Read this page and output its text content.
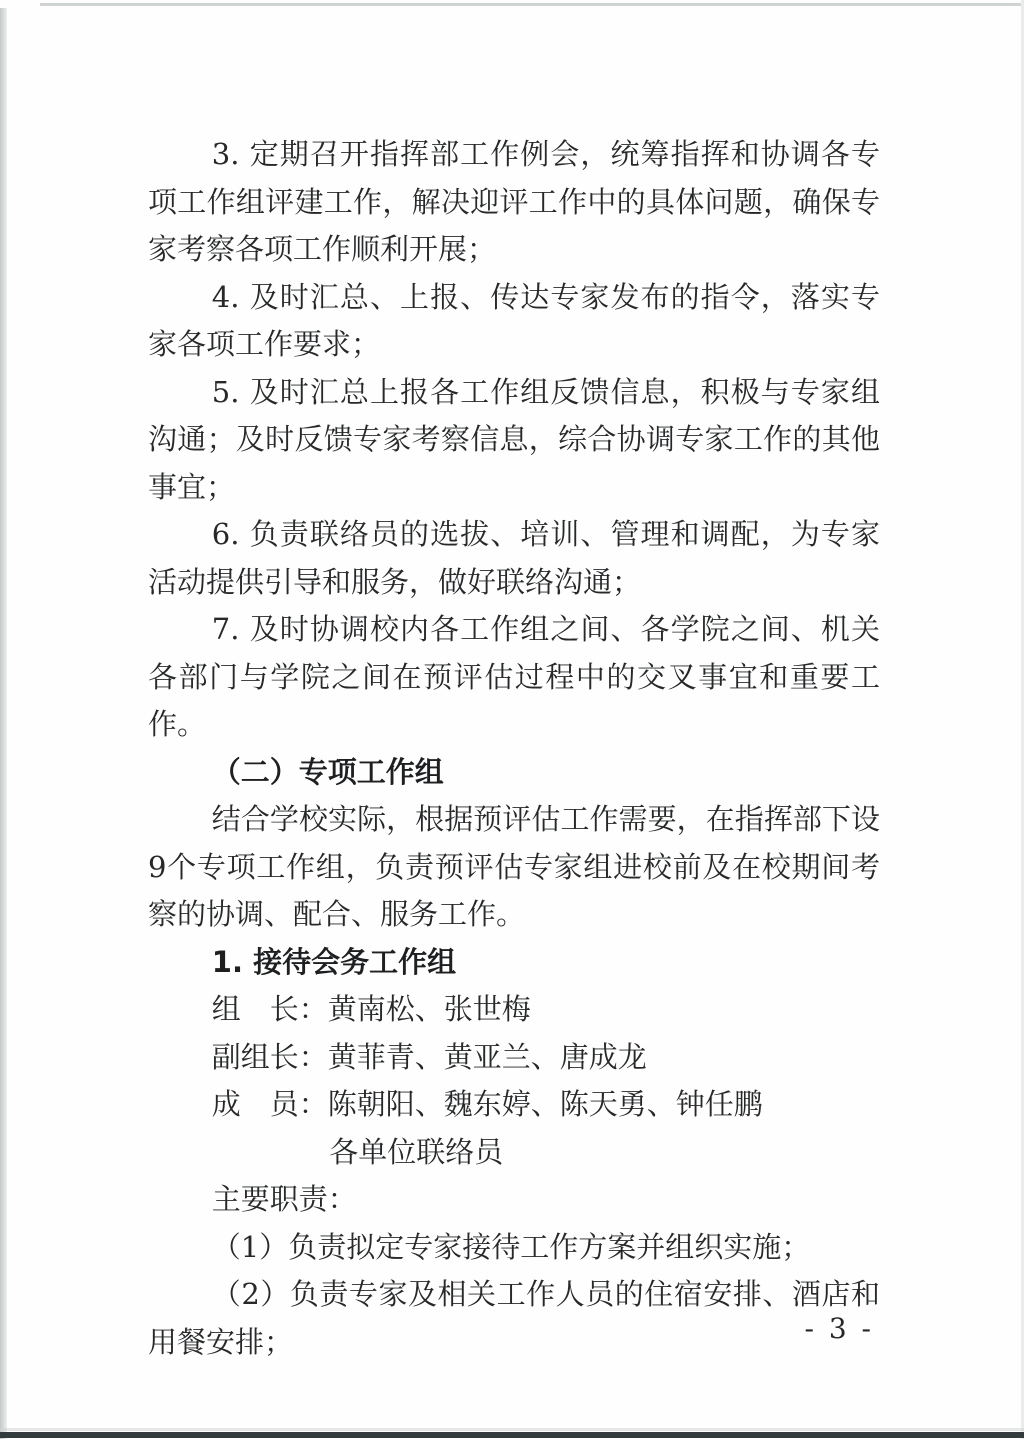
3. 定期召开指挥部工作例会，统筹指挥和协调各专项工作组评建工作，解决迎评工作中的具体问题，确保专家考察各项工作顺利开展；

4. 及时汇总、上报、传达专家发布的指令，落实专家各项工作要求；

5. 及时汇总上报各工作组反馈信息，积极与专家组沟通；及时反馈专家考察信息，综合协调专家工作的其他事宜；

6. 负责联络员的选拔、培训、管理和调配，为专家活动提供引导和服务，做好联络沟通；

7. 及时协调校内各工作组之间、各学院之间、机关各部门与学院之间在预评估过程中的交叉事宜和重要工作。

（二）专项工作组

结合学校实际，根据预评估工作需要，在指挥部下设9个专项工作组，负责预评估专家组进校前及在校期间考察的协调、配合、服务工作。

1. 接待会务工作组

组　长：黄南松、张世梅

副组长：黄菲青、黄亚兰、唐成龙

成　员：陈朝阳、魏东婷、陈天勇、钟任鹏

各单位联络员

主要职责：

（1）负责拟定专家接待工作方案并组织实施；

（2）负责专家及相关工作人员的住宿安排、酒店和用餐安排；	- 3 -
